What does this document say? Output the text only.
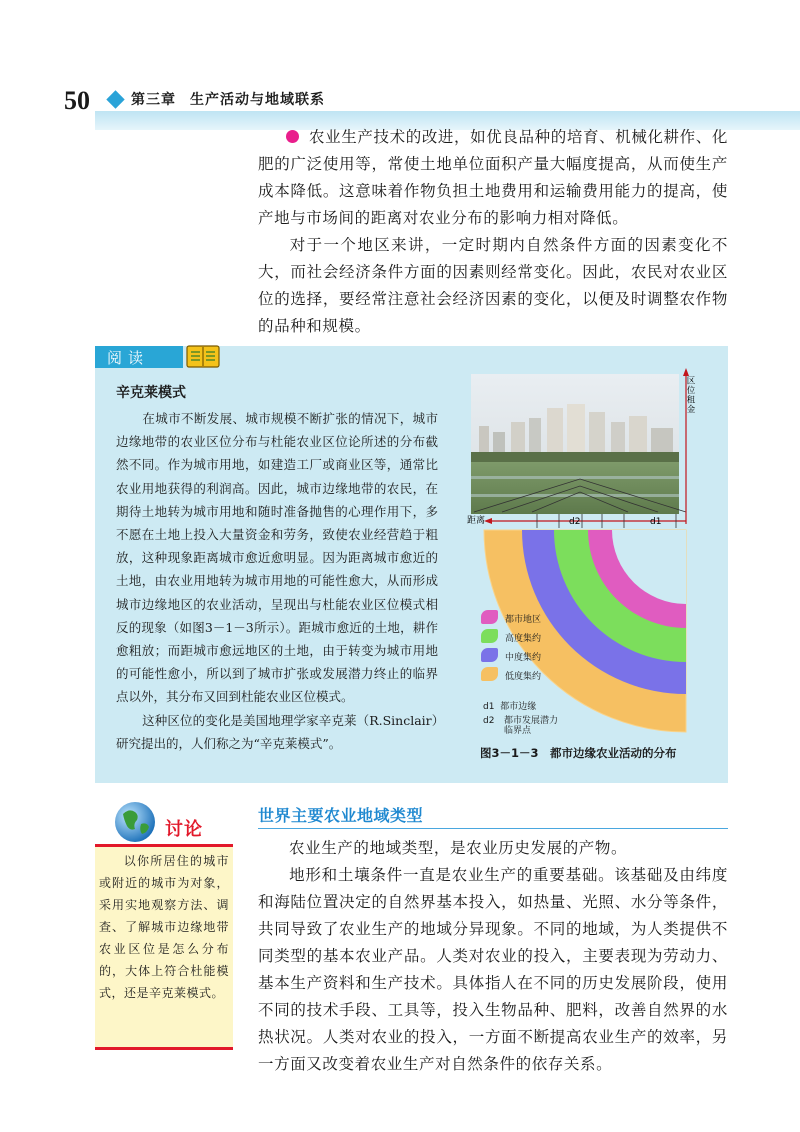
50	第三章 生产活动与地域联系

农业生产技术的改进，如优良品种的培育、机械化耕作、化肥的广泛使用等，常使土地单位面积产量大幅度提高，从而使生产成本降低。这意味着作物负担土地费用和运输费用能力的提高，使产地与市场间的距离对农业分布的影响力相对降低。

对于一个地区来讲，一定时期内自然条件方面的因素变化不大，而社会经济条件方面的因素则经常变化。因此，农民对农业区位的选择，要经常注意社会经济因素的变化，以便及时调整农作物的品种和规模。

阅读
辛克莱模式

在城市不断发展、城市规模不断扩张的情况下，城市边缘地带的农业区位分布与杜能农业区位论所述的分布截然不同。作为城市用地，如建造工厂或商业区等，通常比农业用地获得的利润高。因此，城市边缘地带的农民，在期待土地转为城市用地和随时准备抛售的心理作用下，多不愿在土地上投入大量资金和劳务，致使农业经营趋于粗放，这种现象距离城市愈近愈明显。因为距离城市愈近的土地，由农业用地转为城市用地的可能性愈大，从而形成城市边缘地区的农业活动，呈现出与杜能农业区位模式相反的现象（如图3－1－3所示）。距城市愈近的土地，耕作愈粗放；而距城市愈远地区的土地，由于转变为城市用地的可能性愈小，所以到了城市扩张或发展潜力终止的临界点以外，其分布又回到杜能农业区位模式。

这种区位的变化是美国地理学家辛克莱（R.Sinclair）研究提出的，人们称之为“辛克莱模式”。

区位租金
距离	d2	d1
都市地区
高度集约
中度集约
低度集约
d1 都市边缘
d2 都市发展潜力临界点
图3－1－3　都市边缘农业活动的分布
讨论
以你所居住的城市或附近的城市为对象，采用实地观察方法、调查、了解城市边缘地带农业区位是怎么分布的，大体上符合杜能模式，还是辛克莱模式。
世界主要农业地域类型

农业生产的地域类型，是农业历史发展的产物。

地形和土壤条件一直是农业生产的重要基础。该基础及由纬度和海陆位置决定的自然界基本投入，如热量、光照、水分等条件，共同导致了农业生产的地域分异现象。不同的地域，为人类提供不同类型的基本农业产品。人类对农业的投入，主要表现为劳动力、基本生产资料和生产技术。具体指人在不同的历史发展阶段，使用不同的技术手段、工具等，投入生物品种、肥料，改善自然界的水热状况。人类对农业的投入，一方面不断提高农业生产的效率，另一方面又改变着农业生产对自然条件的依存关系。
